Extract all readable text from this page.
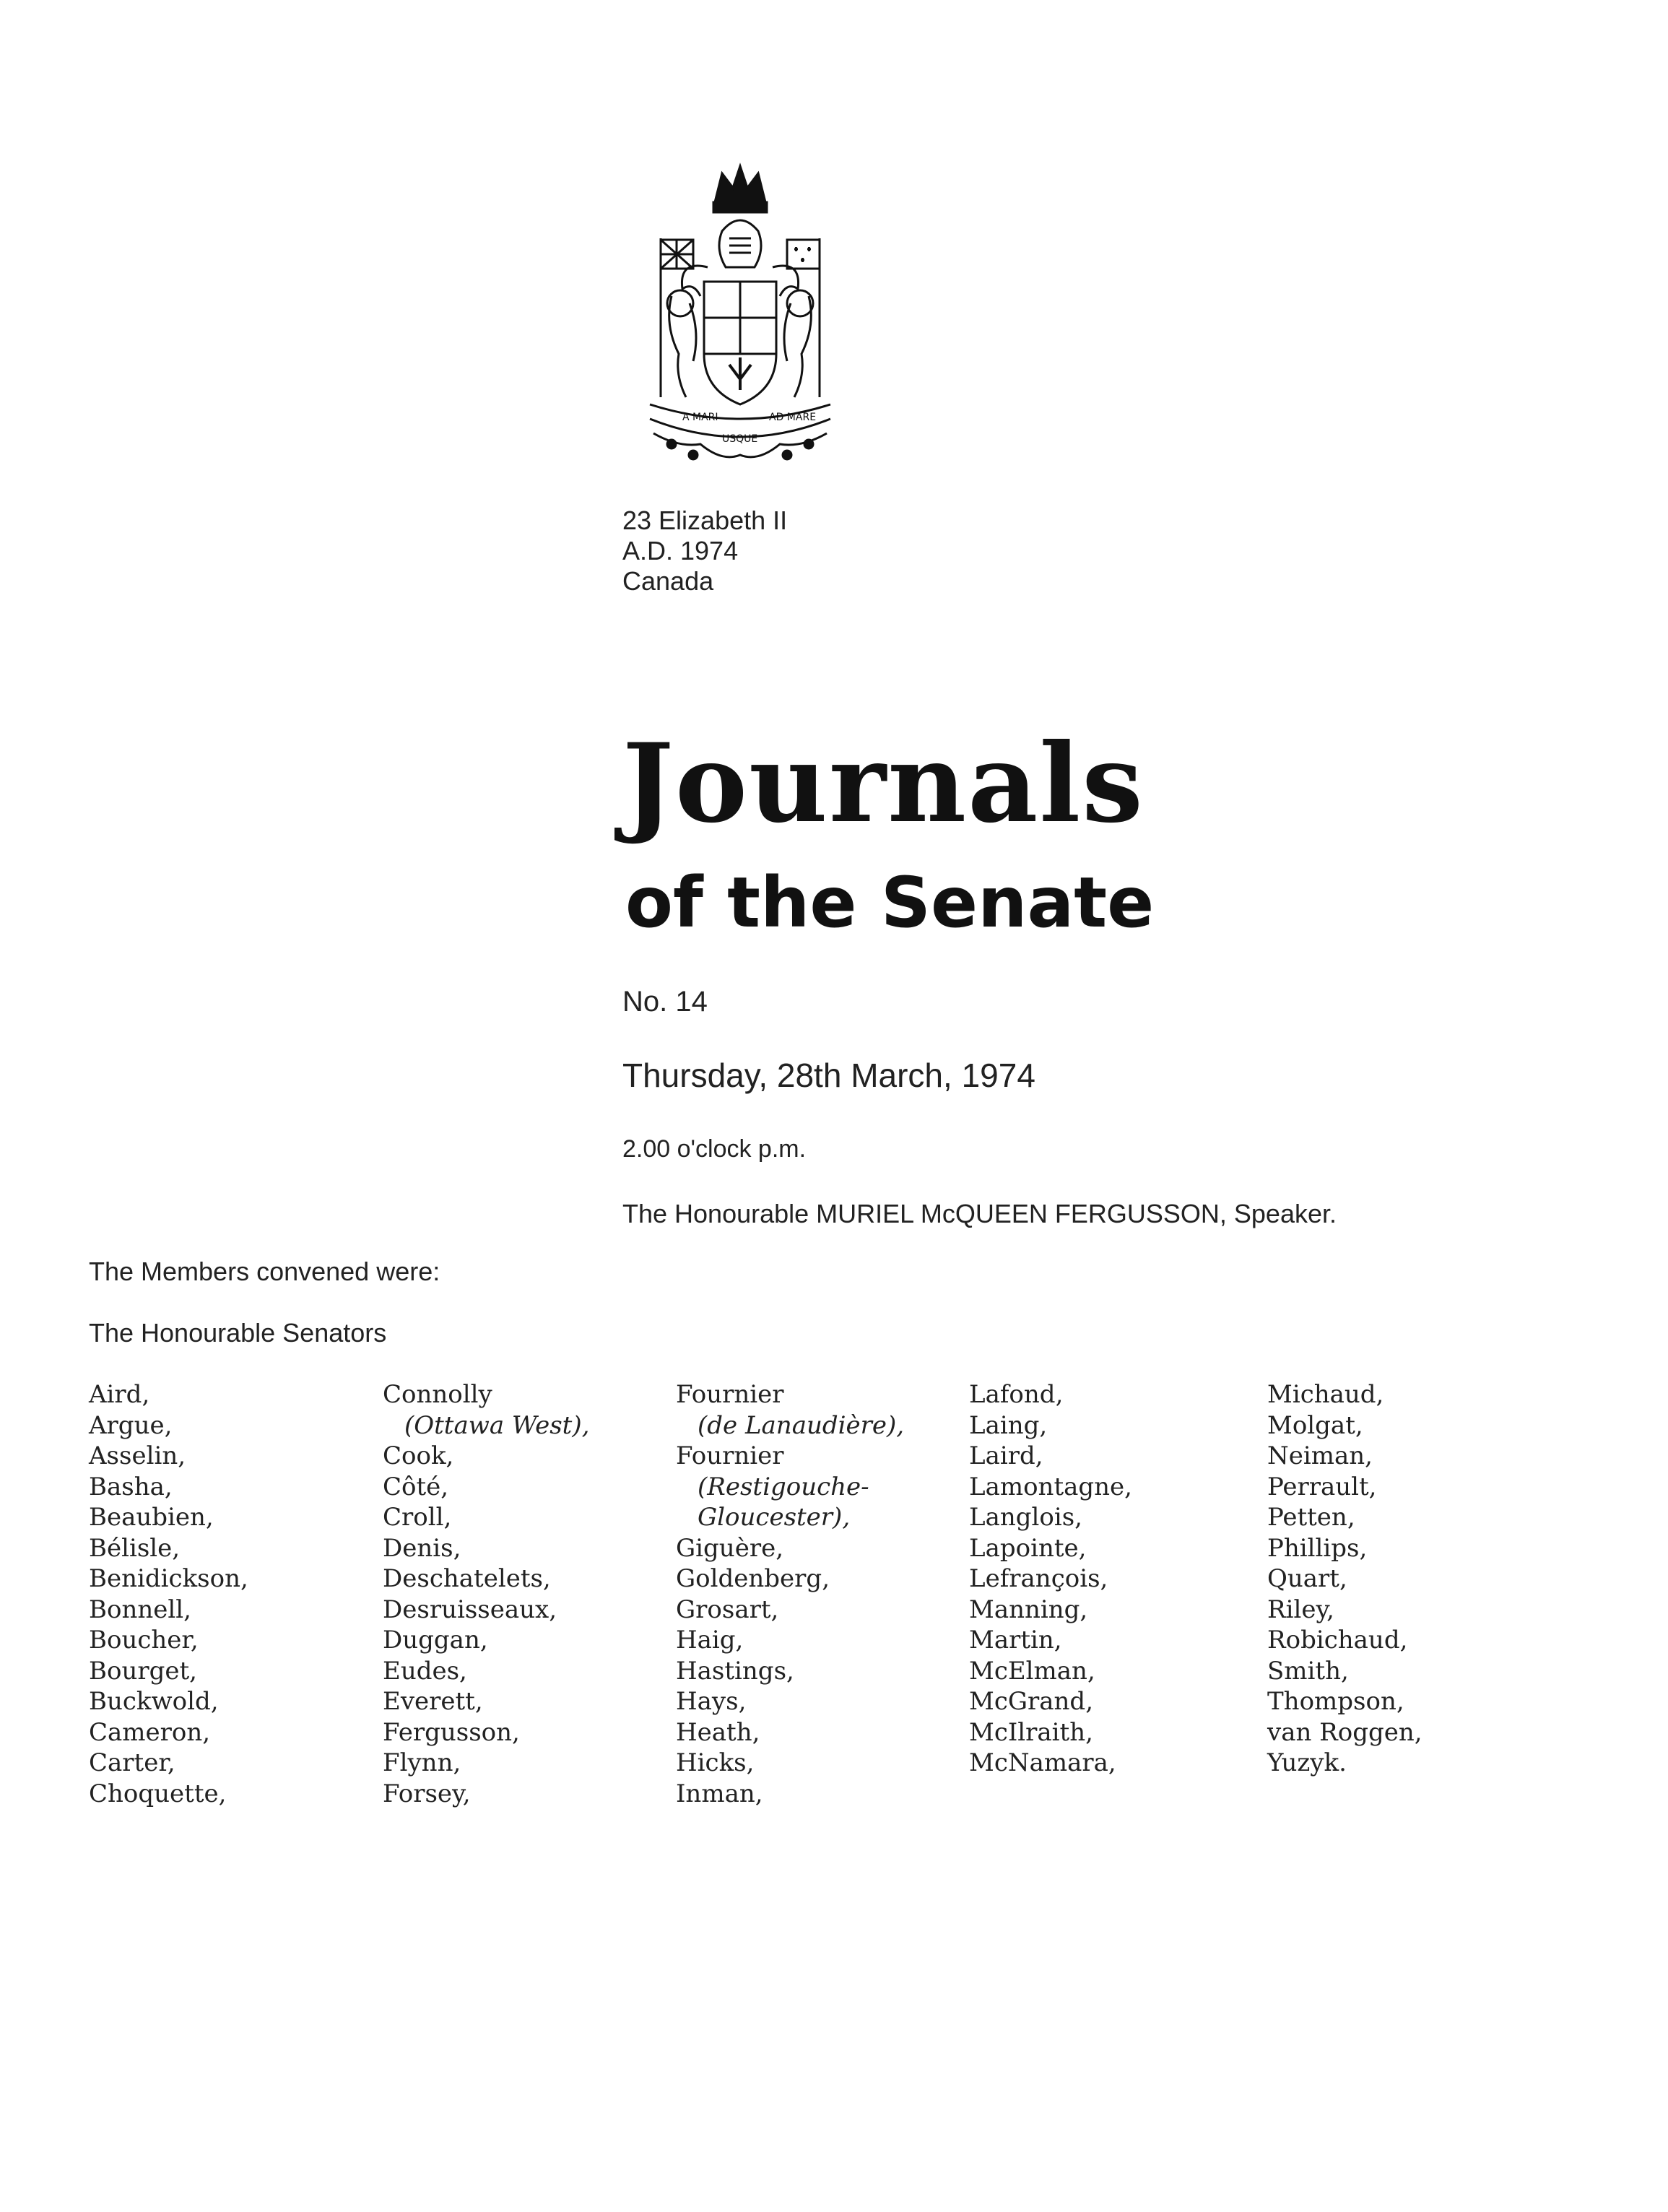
A MARI
USQUE
AD MARE
23 Elizabeth II
A.D. 1974
Canada
Journals
of the Senate
No. 14
Thursday, 28th March, 1974
2.00 o'clock p.m.
The Honourable MURIEL McQUEEN FERGUSSON, Speaker.
The Members convened were:
The Honourable Senators
Aird,
Argue,
Asselin,
Basha,
Beaubien,
Bélisle,
Benidickson,
Bonnell,
Boucher,
Bourget,
Buckwold,
Cameron,
Carter,
Choquette,
Connolly
(Ottawa West),
Cook,
Côté,
Croll,
Denis,
Deschatelets,
Desruisseaux,
Duggan,
Eudes,
Everett,
Fergusson,
Flynn,
Forsey,
Fournier
(de Lanaudière),
Fournier
(Restigouche-
Gloucester),
Giguère,
Goldenberg,
Grosart,
Haig,
Hastings,
Hays,
Heath,
Hicks,
Inman,
Lafond,
Laing,
Laird,
Lamontagne,
Langlois,
Lapointe,
Lefrançois,
Manning,
Martin,
McElman,
McGrand,
McIlraith,
McNamara,
Michaud,
Molgat,
Neiman,
Perrault,
Petten,
Phillips,
Quart,
Riley,
Robichaud,
Smith,
Thompson,
van Roggen,
Yuzyk.
